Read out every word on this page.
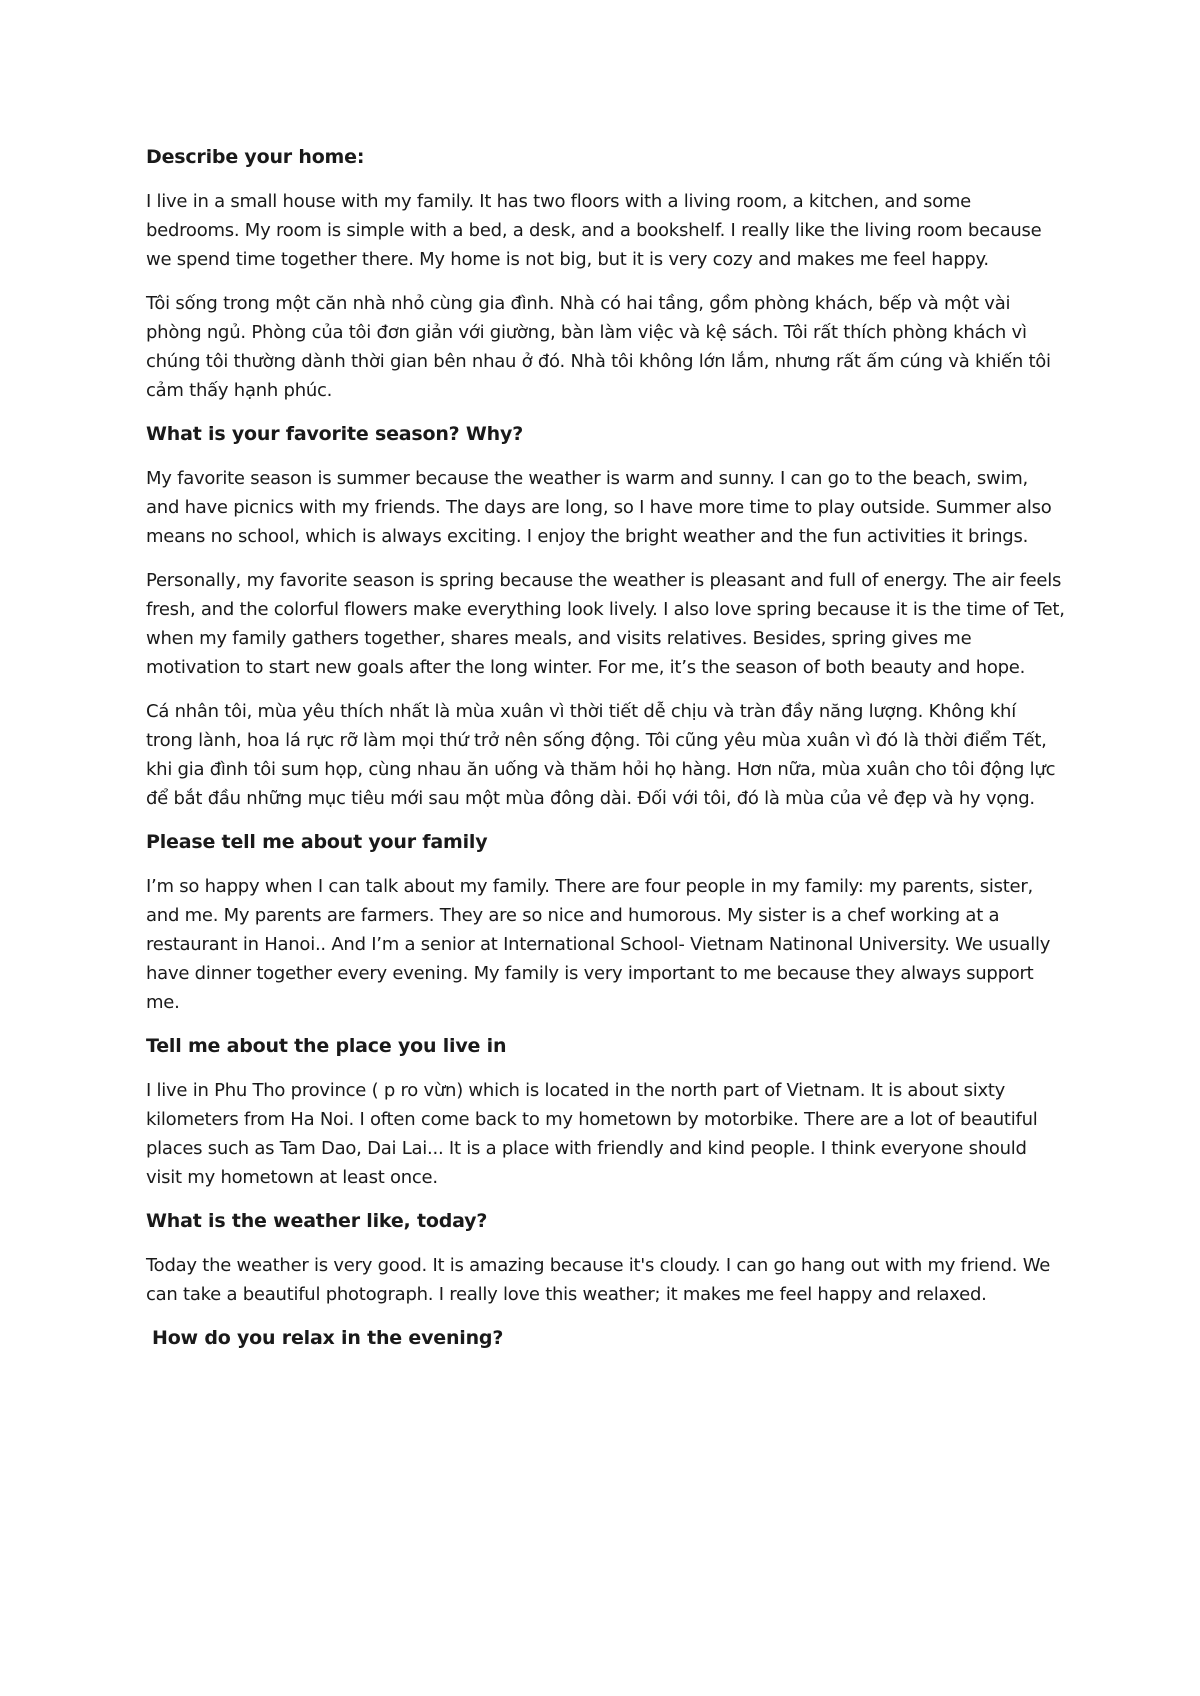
Describe your home:

I live in a small house with my family. It has two floors with a living room, a kitchen, and some bedrooms. My room is simple with a bed, a desk, and a bookshelf. I really like the living room because we spend time together there. My home is not big, but it is very cozy and makes me feel happy.

Tôi sống trong một căn nhà nhỏ cùng gia đình. Nhà có hai tầng, gồm phòng khách, bếp và một vài phòng ngủ. Phòng của tôi đơn giản với giường, bàn làm việc và kệ sách. Tôi rất thích phòng khách vì chúng tôi thường dành thời gian bên nhau ở đó. Nhà tôi không lớn lắm, nhưng rất ấm cúng và khiến tôi cảm thấy hạnh phúc.

What is your favorite season? Why?

My favorite season is summer because the weather is warm and sunny. I can go to the beach, swim, and have picnics with my friends. The days are long, so I have more time to play outside. Summer also means no school, which is always exciting. I enjoy the bright weather and the fun activities it brings.

Personally, my favorite season is spring because the weather is pleasant and full of energy. The air feels fresh, and the colorful flowers make everything look lively. I also love spring because it is the time of Tet, when my family gathers together, shares meals, and visits relatives. Besides, spring gives me motivation to start new goals after the long winter. For me, it’s the season of both beauty and hope.

Cá nhân tôi, mùa yêu thích nhất là mùa xuân vì thời tiết dễ chịu và tràn đầy năng lượng. Không khí trong lành, hoa lá rực rỡ làm mọi thứ trở nên sống động. Tôi cũng yêu mùa xuân vì đó là thời điểm Tết, khi gia đình tôi sum họp, cùng nhau ăn uống và thăm hỏi họ hàng. Hơn nữa, mùa xuân cho tôi động lực để bắt đầu những mục tiêu mới sau một mùa đông dài. Đối với tôi, đó là mùa của vẻ đẹp và hy vọng.

Please tell me about your family

I’m so happy when I can talk about my family. There are four people in my family: my parents, sister, and me. My parents are farmers. They are so nice and humorous. My sister is a chef working at a restaurant in Hanoi.. And I’m a senior at International School- Vietnam Natinonal University. We usually have dinner together every evening. My family is very important to me because they always support me.

Tell me about the place you live in

I live in Phu Tho province ( p ro vừn) which is located in the north part of Vietnam. It is about sixty kilometers from Ha Noi. I often come back to my hometown by motorbike. There are a lot of beautiful places such as Tam Dao, Dai Lai... It is a place with friendly and kind people. I think everyone should visit my hometown at least once.

What is the weather like, today?

Today the weather is very good. It is amazing because it's cloudy. I can go hang out with my friend. We can take a beautiful photograph. I really love this weather; it makes me feel happy and relaxed.

How do you relax in the evening?
